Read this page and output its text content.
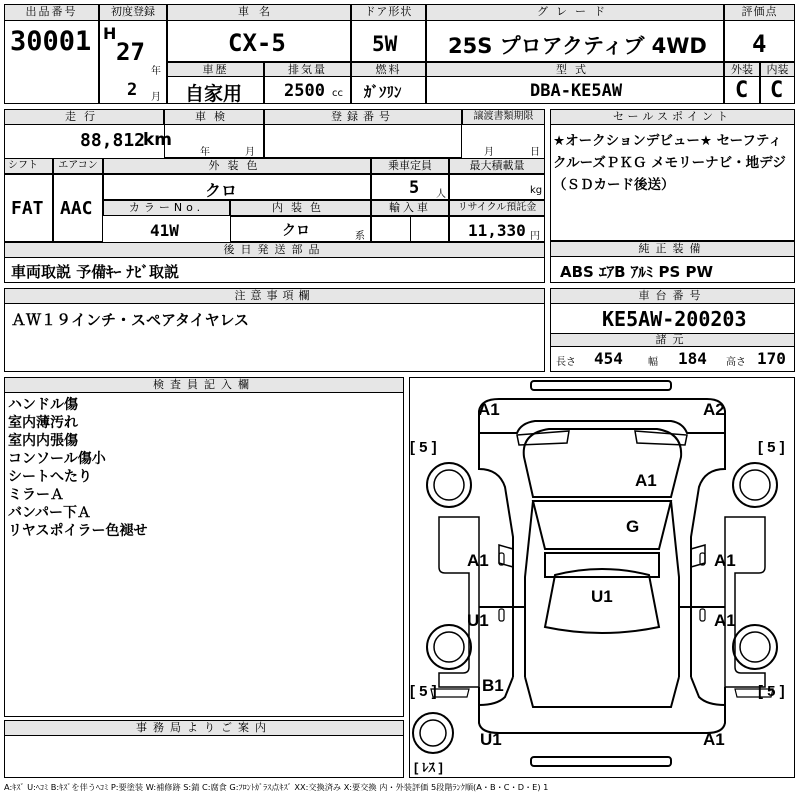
出品番号
30001
初度登録
H
27
年
2 月
車名
CX-5
ドア形状
5W
グレード
25S プロアクティブ 4WD
評価点
4
車歴
自家用
排気量
2500 cc
燃料
ｶﾞｿﾘﾝ
型式
DBA-KE5AW
外装
C
内装
C
走行
88,812
km
車検
年	月
登録番号	譲渡書類期限
月	日
シフト	エアコン
FAT AAC
外装色
クロ
乗車定員
5 人
最大積載量
kg
カラーNo.
41W
内装色
クロ	系
輸入車	リサイクル預託金
11,330 円
後日発送部品
車両取説 予備ｷｰ ﾅﾋﾞ取説
セールスポイント
★オークションデビュー★ セーフティクルーズＰＫＧ メモリーナビ・地デジ（ＳＤカード後送）
純正装備
ABS ｴｱB ｱﾙﾐ PS PW
注意事項欄
ＡＷ１９インチ・スペアタイヤレス
車台番号
KE5AW-200203
諸元
長さ 454	幅 184 高さ 170
検査員記入欄
ハンドル傷
室内薄汚れ
室内内張傷
コンソール傷小
シートへたり
ミラーＡ
バンパー下Ａ
リヤスポイラー色褪せ
事務局よりご案内
A1	A2
[ 5 ]	[ 5 ]
A1
G
A1	A1
U1
U1	A1
[ 5 ]	[ 5 ]
B1
U1	A1
[ ﾚｽ ]
A:ｷｽﾞ U:ﾍｺﾐ B:ｷｽﾞを伴うﾍｺﾐ P:要塗装 W:補修跡 S:錆 C:腐食 G:ﾌﾛﾝﾄｶﾞﾗｽ点ｷｽﾞ XX:交換済み X:要交換 内・外装評価 5段階ﾗﾝｸ順(A・B・C・D・E) 1
